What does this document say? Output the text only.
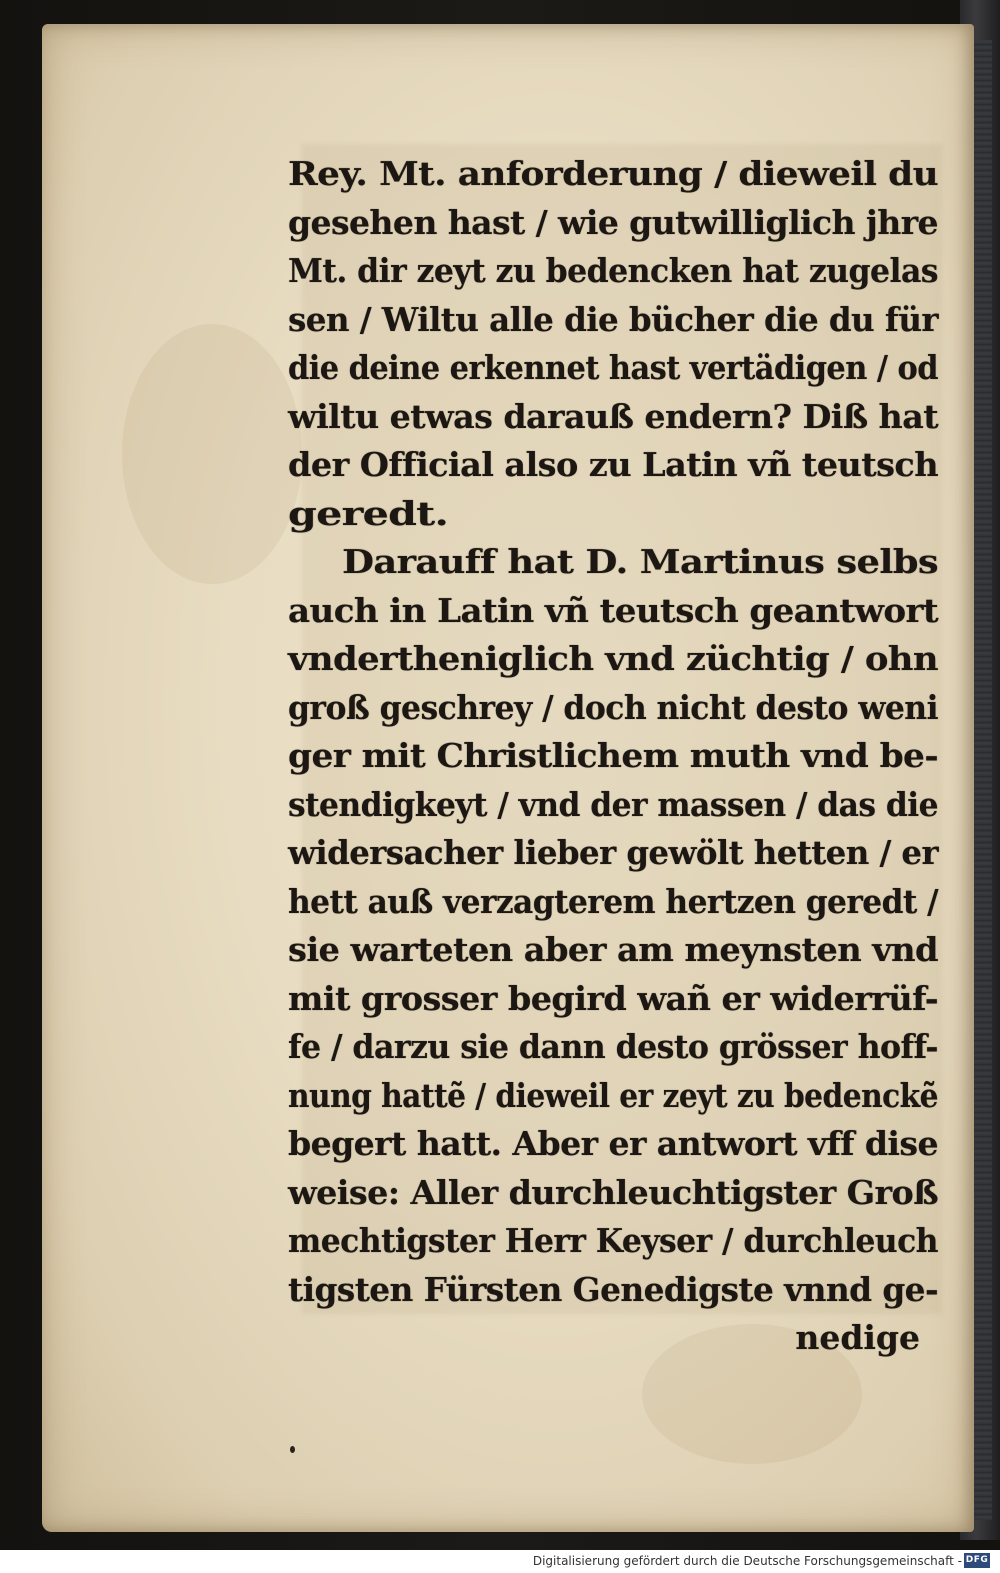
Rey. Mt. anforderung / dieweil du
gesehen hast / wie gutwilliglich jhre
Mt. dir zeyt zu bedencken hat zugelas
sen / Wiltu alle die bücher die du für
die deine erkennet hast vertädigen / od
wiltu etwas darauß endern? Diß hat
der Official also zu Latin vñ teutsch
geredt.
Darauff hat D. Martinus selbs
auch in Latin vñ teutsch geantwort
vndertheniglich vnd züchtig / ohn
groß geschrey / doch nicht desto weni
ger mit Christlichem muth vnd be-
stendigkeyt / vnd der massen / das die
widersacher lieber gewölt hetten / er
hett auß verzagterem hertzen geredt /
sie warteten aber am meynsten vnd
mit grosser begird wañ er widerrüf-
fe / darzu sie dann desto grösser hoff-
nung hattẽ / dieweil er zeyt zu bedenckẽ
begert hatt. Aber er antwort vff dise
weise: Aller durchleuchtigster Groß
mechtigster Herr Keyser / durchleuch
tigsten Fürsten Genedigste vnnd ge-
nedige
Digitalisierung gefördert durch die Deutsche Forschungsgemeinschaft - DFG
